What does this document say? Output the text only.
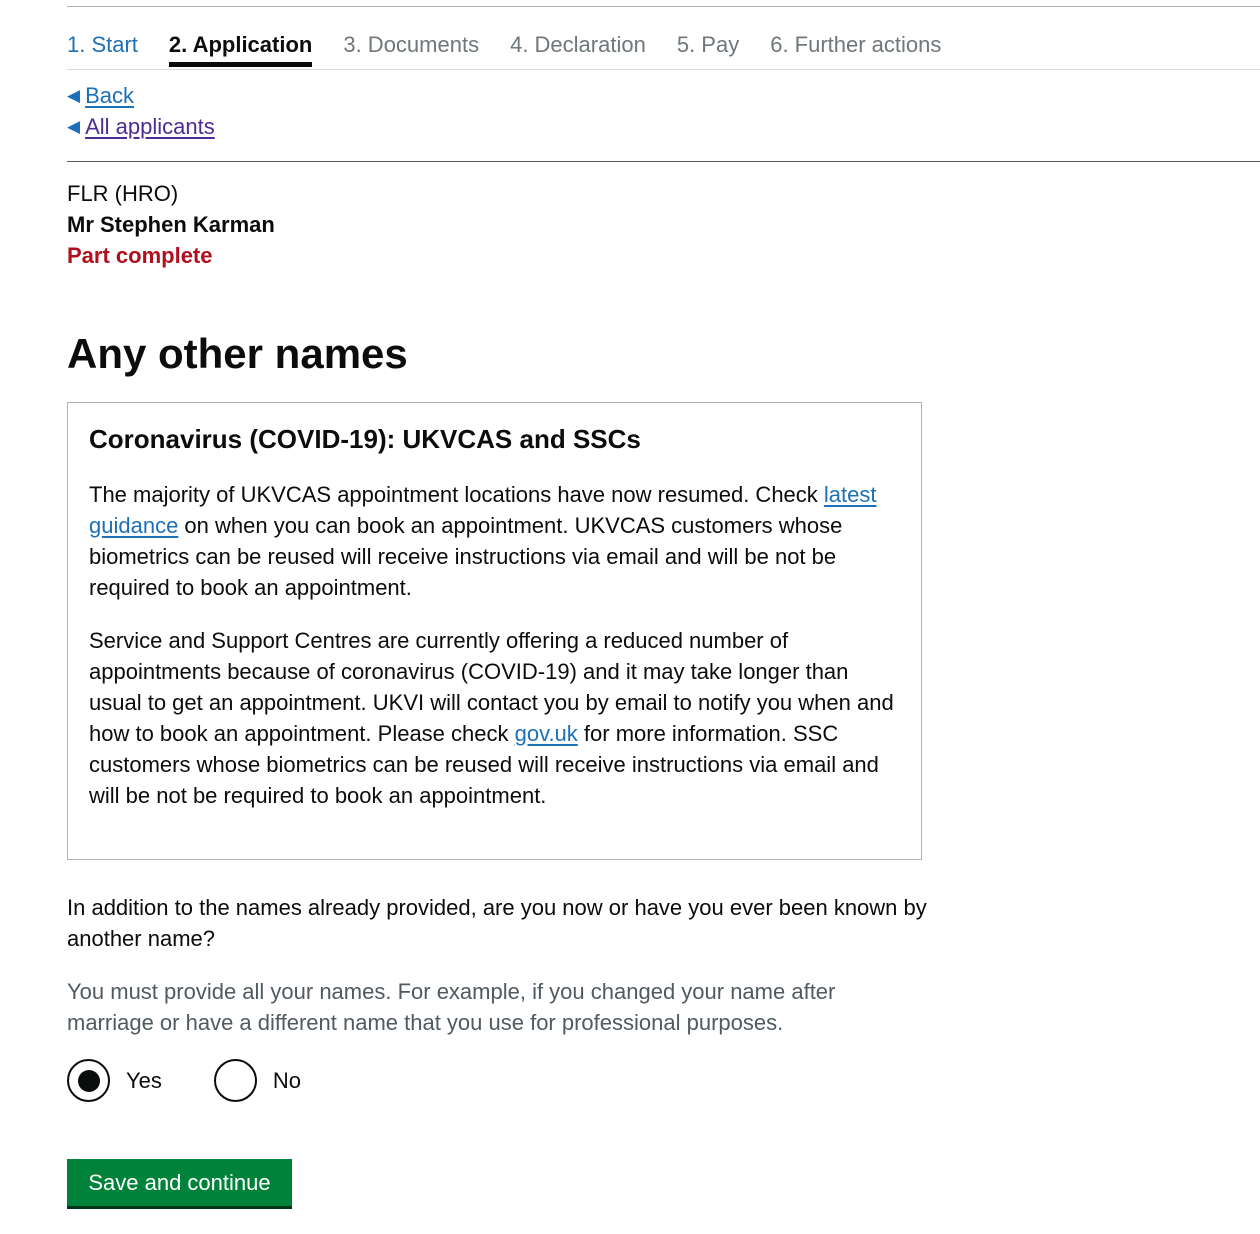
1. Start 2. Application 3. Documents 4. Declaration 5. Pay 6. Further actions
◀ Back
◀ All applicants
FLR (HRO)
Mr Stephen Karman
Part complete
Any other names
Coronavirus (COVID-19): UKVCAS and SSCs

The majority of UKVCAS appointment locations have now resumed. Check latest guidance on when you can book an appointment. UKVCAS customers whose biometrics can be reused will receive instructions via email and will be not be required to book an appointment.

Service and Support Centres are currently offering a reduced number of appointments because of coronavirus (COVID-19) and it may take longer than usual to get an appointment. UKVI will contact you by email to notify you when and how to book an appointment. Please check gov.uk for more information. SSC customers whose biometrics can be reused will receive instructions via email and will be not be required to book an appointment.

In addition to the names already provided, are you now or have you ever been known by another name?
You must provide all your names. For example, if you changed your name after marriage or have a different name that you use for professional purposes.
Yes	No
Save and continue
